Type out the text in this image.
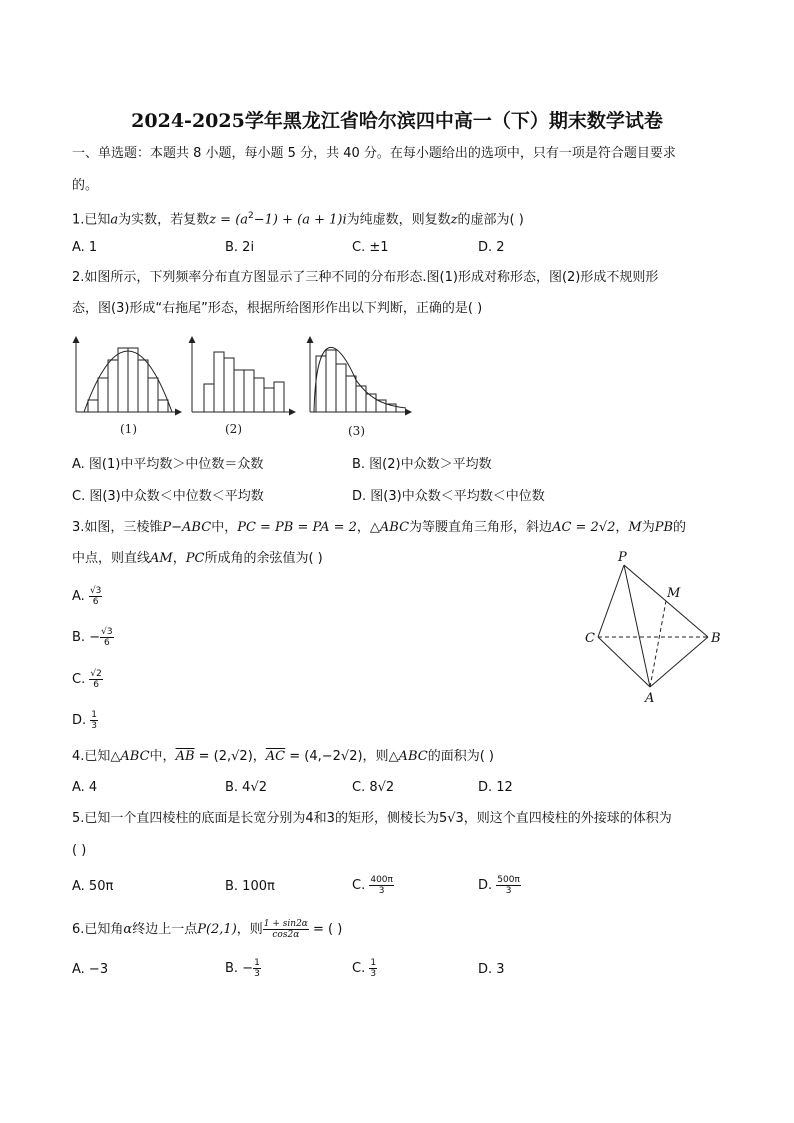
2024-2025学年黑龙江省哈尔滨四中高一（下）期末数学试卷
一、单选题：本题共 8 小题，每小题 5 分，共 40 分。在每小题给出的选项中，只有一项是符合题目要求
的。
1.已知a为实数，若复数$z = (a^2-1) + (a + 1)i$为纯虚数，则复数z的虚部为( )
A. 1	B. 2i	C. ±1	D. 2
2.如图所示，下列频率分布直方图显示了三种不同的分布形态.图(1)形成对称形态，图(2)形成不规则形
态，图(3)形成“右拖尾”形态，根据所给图形作出以下判断，正确的是( )
(1)	(2)	(3)
A. 图(1)中平均数＞中位数＝众数	B. 图(2)中众数＞平均数
C. 图(3)中众数＜中位数＜平均数	D. 图(3)中众数＜平均数＜中位数
3.如图，三棱锥P−ABC中，PC = PB = PA = 2，△ABC为等腰直角三角形，斜边AC = 2√2，M为PB的
中点，则直线AM，PC所成角的余弦值为( )
A. $\frac{√3}{6}$
B. − $\frac{√3}{6}$
C. $\frac{√2}{6}$
D. $\frac{1}{3}$
P
M
C	B
A
4.已知△ABC中，$\overline{AB} = (2,√2)$，$\overline{AC} = (4,-2√2)$，则△ABC的面积为( )
A. 4	B. 4√2	C. 8√2	D. 12
5.已知一个直四棱柱的底面是长宽分别为4和3的矩形，侧棱长为5√3，则这个直四棱柱的外接球的体积为
( )
A. 50π	B. 100π	C. $\frac{400\pi}{3}$	D. $\frac{500\pi}{3}$
6.已知角α终边上一点P(2,1)，则 $\frac{1 + \sin 2\alpha}{\cos 2\alpha}$ = ( )
A. −3	B. − $\frac{1}{3}$	C. $\frac{1}{3}$	D. 3
